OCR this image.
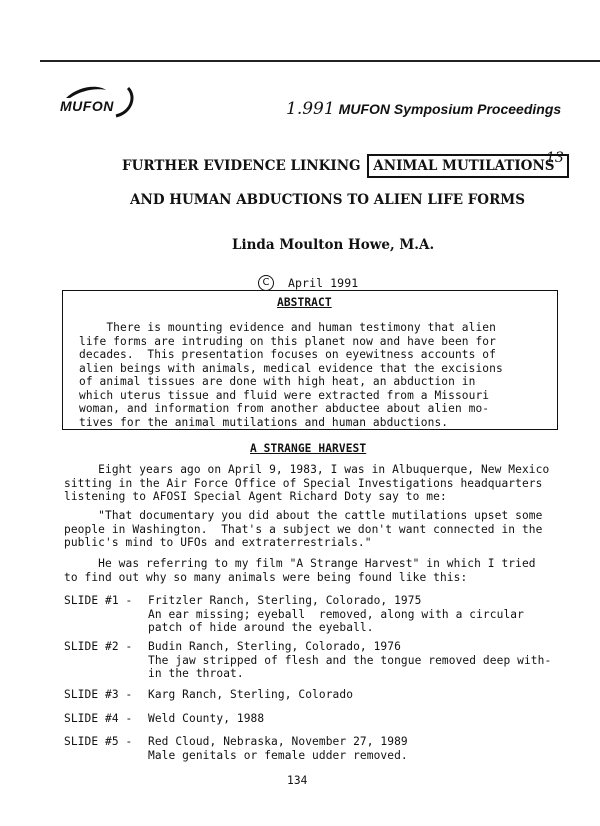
MUFON	1.991 MUFON Symposium Proceedings
FURTHER EVIDENCE LINKING ANIMAL MUTILATIONS
13
AND HUMAN ABDUCTIONS TO ALIEN LIFE FORMS
Linda Moulton Howe, M.A.
C April 1991
ABSTRACT
There is mounting evidence and human testimony that alien
life forms are intruding on this planet now and have been for
decades.  This presentation focuses on eyewitness accounts of
alien beings with animals, medical evidence that the excisions
of animal tissues are done with high heat, an abduction in
which uterus tissue and fluid were extracted from a Missouri
woman, and information from another abductee about alien mo-
tives for the animal mutilations and human abductions.
A STRANGE HARVEST
Eight years ago on April 9, 1983, I was in Albuquerque, New Mexico
sitting in the Air Force Office of Special Investigations headquarters
listening to AFOSI Special Agent Richard Doty say to me:
"That documentary you did about the cattle mutilations upset some
people in Washington.  That's a subject we don't want connected in the
public's mind to UFOs and extraterrestrials."
He was referring to my film "A Strange Harvest" in which I tried
to find out why so many animals were being found like this:
SLIDE #1 - Fritzler Ranch, Sterling, Colorado, 1975
An ear missing; eyeball  removed, along with a circular
patch of hide around the eyeball.
SLIDE #2 - Budin Ranch, Sterling, Colorado, 1976
The jaw stripped of flesh and the tongue removed deep with-
in the throat.
SLIDE #3 - Karg Ranch, Sterling, Colorado
SLIDE #4 - Weld County, 1988
SLIDE #5 - Red Cloud, Nebraska, November 27, 1989
Male genitals or female udder removed.
134
